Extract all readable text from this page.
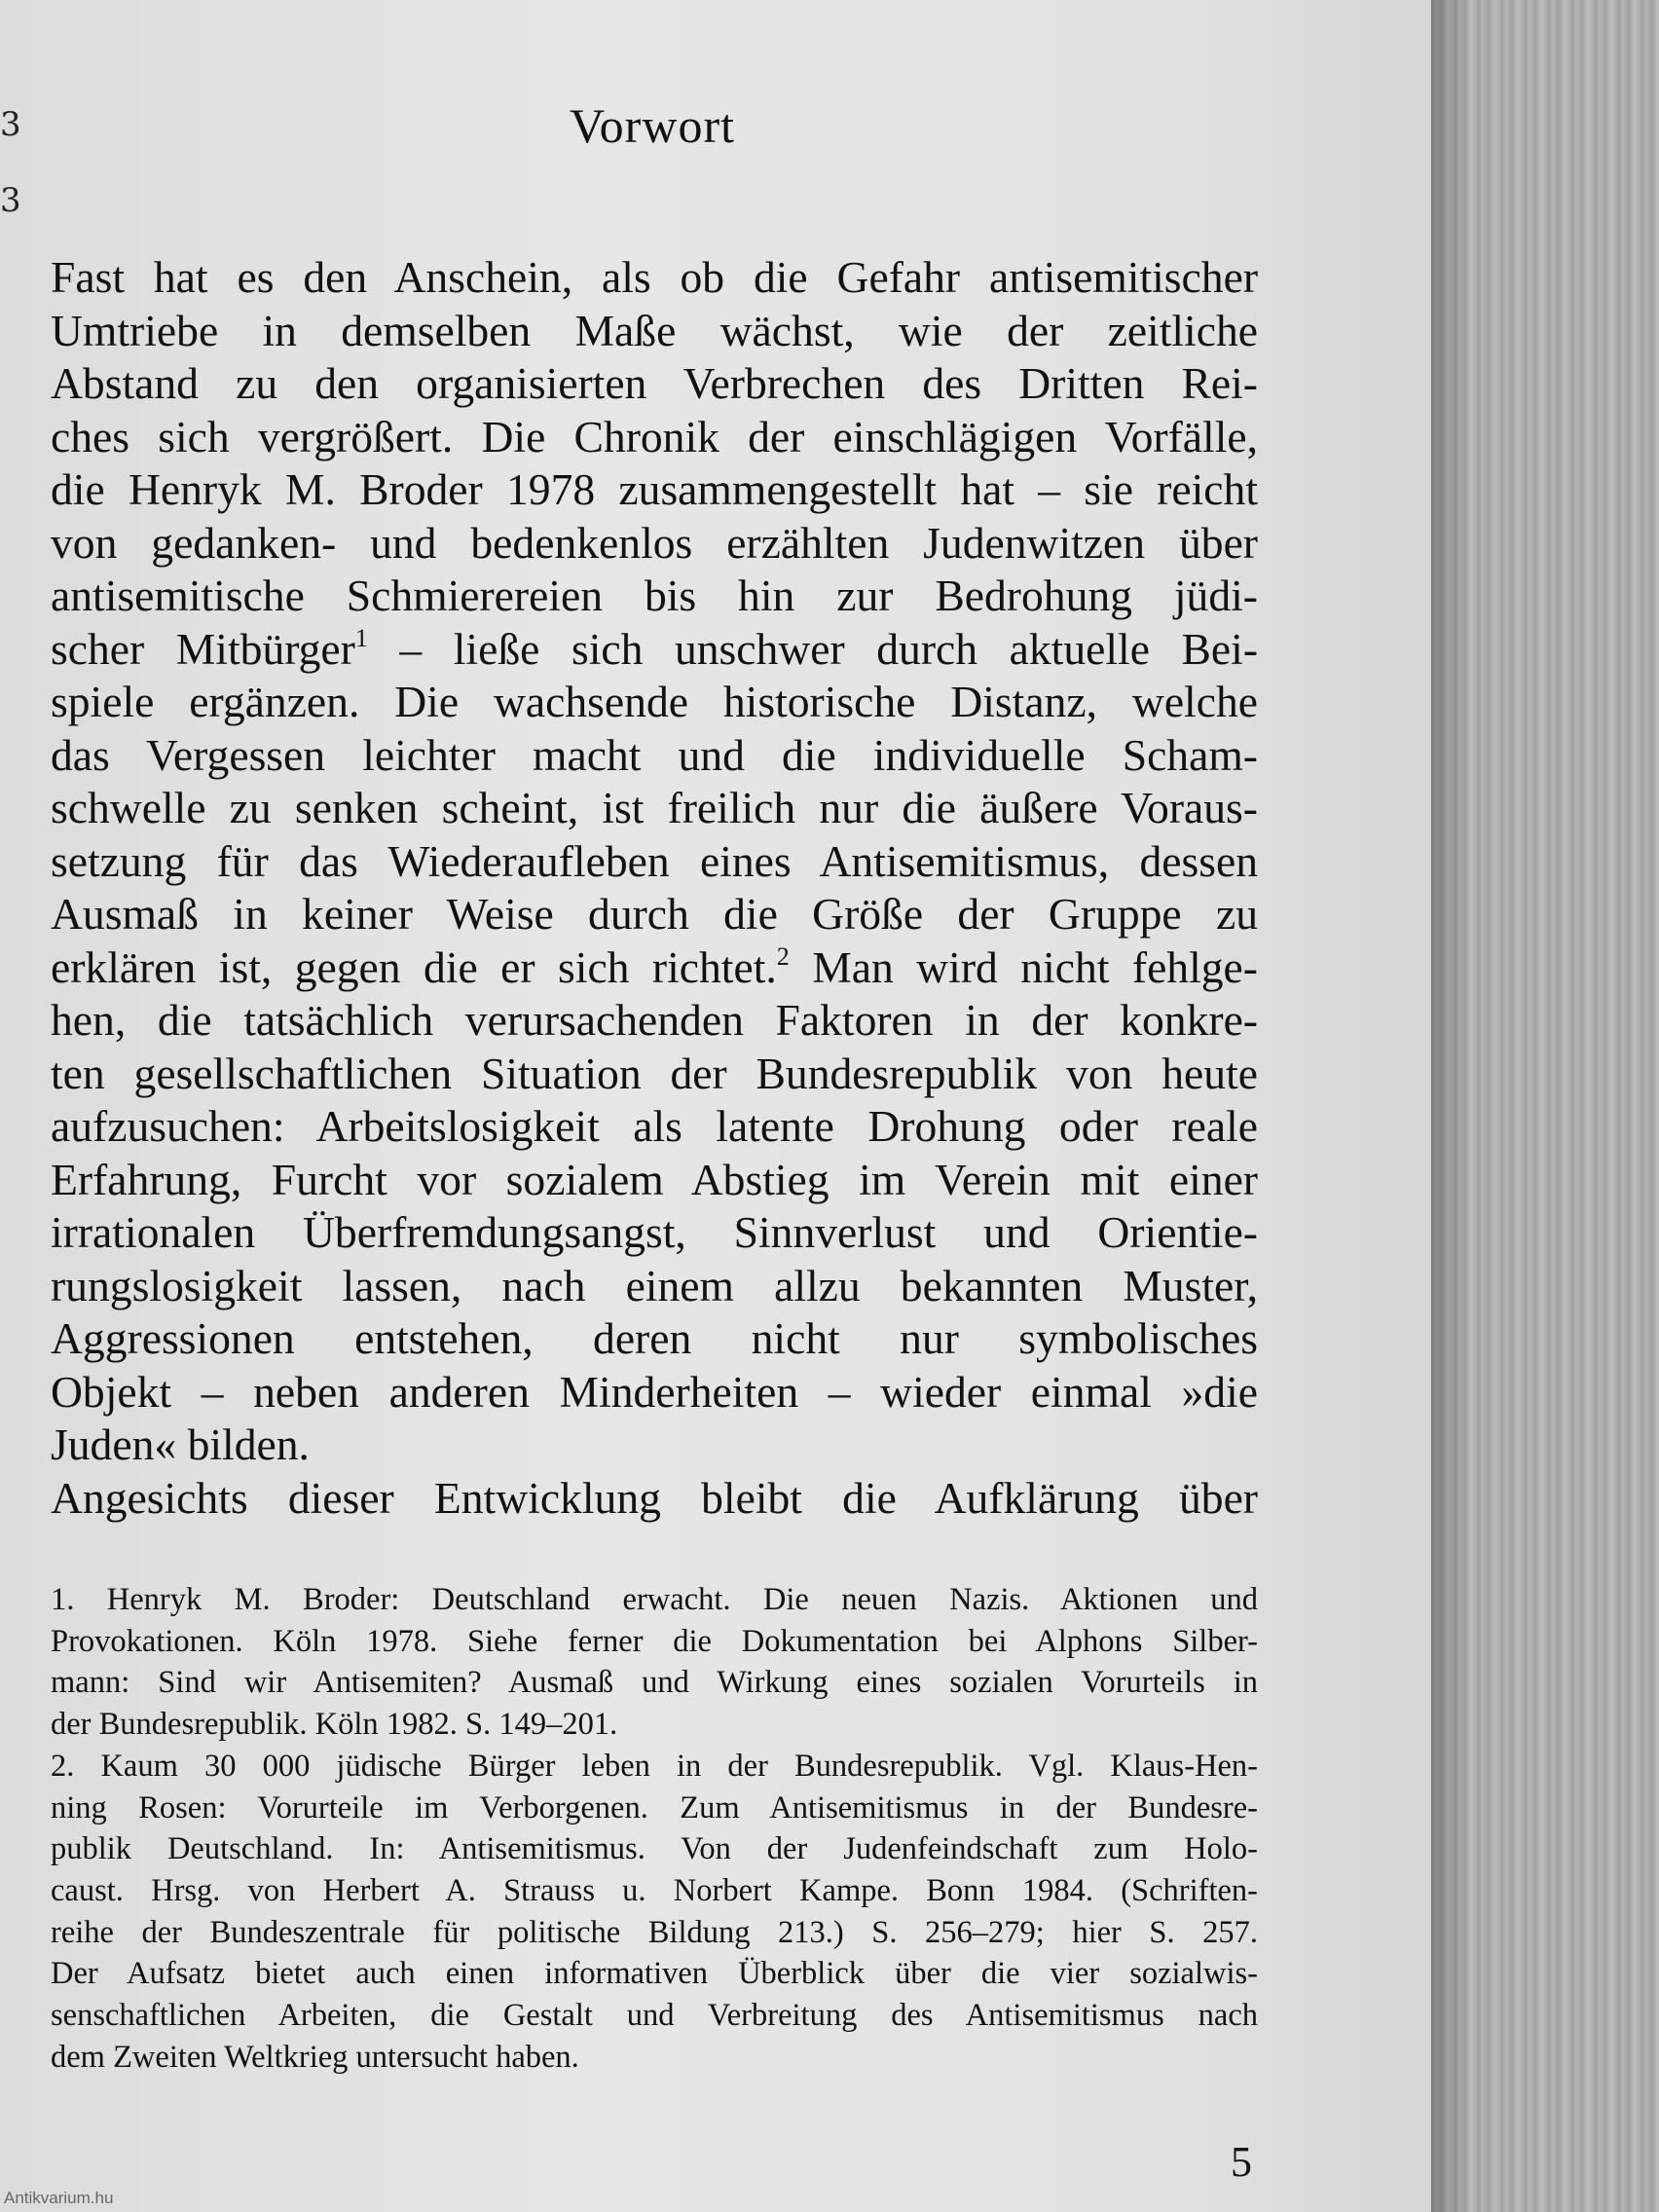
3
3
Vorwort
Fast hat es den Anschein, als ob die Gefahr antisemitischer
Umtriebe in demselben Maße wächst, wie der zeitliche
Abstand zu den organisierten Verbrechen des Dritten Rei-
ches sich vergrößert. Die Chronik der einschlägigen Vorfälle,
die Henryk M. Broder 1978 zusammengestellt hat – sie reicht
von gedanken- und bedenkenlos erzählten Judenwitzen über
antisemitische Schmierereien bis hin zur Bedrohung jüdi-
scher Mitbürger$^1$ – ließe sich unschwer durch aktuelle Bei-
spiele ergänzen. Die wachsende historische Distanz, welche
das Vergessen leichter macht und die individuelle Scham-
schwelle zu senken scheint, ist freilich nur die äußere Voraus-
setzung für das Wiederaufleben eines Antisemitismus, dessen
Ausmaß in keiner Weise durch die Größe der Gruppe zu
erklären ist, gegen die er sich richtet.$^2$ Man wird nicht fehlge-
hen, die tatsächlich verursachenden Faktoren in der konkre-
ten gesellschaftlichen Situation der Bundesrepublik von heute
aufzusuchen: Arbeitslosigkeit als latente Drohung oder reale
Erfahrung, Furcht vor sozialem Abstieg im Verein mit einer
irrationalen Überfremdungsangst, Sinnverlust und Orientie-
rungslosigkeit lassen, nach einem allzu bekannten Muster,
Aggressionen entstehen, deren nicht nur symbolisches
Objekt – neben anderen Minderheiten – wieder einmal »die
Juden« bilden.
Angesichts dieser Entwicklung bleibt die Aufklärung über
1. Henryk M. Broder: Deutschland erwacht. Die neuen Nazis. Aktionen und
Provokationen. Köln 1978. Siehe ferner die Dokumentation bei Alphons Silber-
mann: Sind wir Antisemiten? Ausmaß und Wirkung eines sozialen Vorurteils in
der Bundesrepublik. Köln 1982. S. 149–201.
2. Kaum 30 000 jüdische Bürger leben in der Bundesrepublik. Vgl. Klaus-Hen-
ning Rosen: Vorurteile im Verborgenen. Zum Antisemitismus in der Bundesre-
publik Deutschland. In: Antisemitismus. Von der Judenfeindschaft zum Holo-
caust. Hrsg. von Herbert A. Strauss u. Norbert Kampe. Bonn 1984. (Schriften-
reihe der Bundeszentrale für politische Bildung 213.) S. 256–279; hier S. 257.
Der Aufsatz bietet auch einen informativen Überblick über die vier sozialwis-
senschaftlichen Arbeiten, die Gestalt und Verbreitung des Antisemitismus nach
dem Zweiten Weltkrieg untersucht haben.
5
Antikvarium.hu
